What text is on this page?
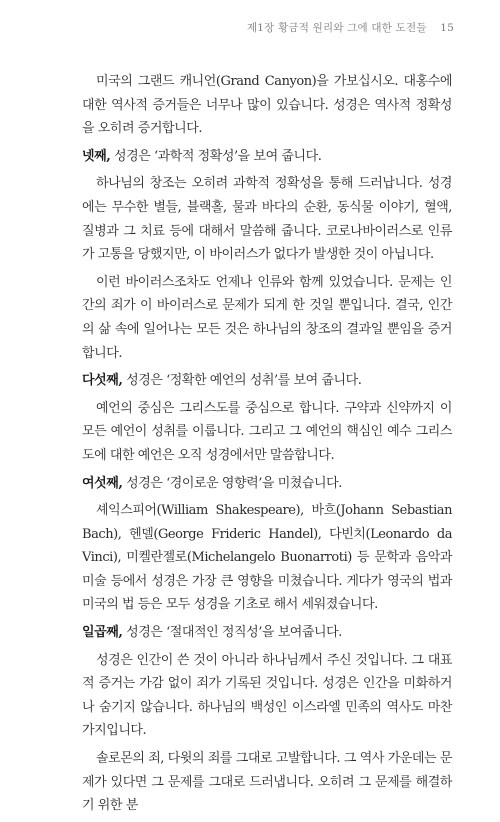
제1장 황금적 원리와 그에 대한 도전들 15

미국의 그랜드 캐니언(Grand Canyon)을 가보십시오. 대홍수에 대한 역사적 증거들은 너무나 많이 있습니다. 성경은 역사적 정확성을 오히려 증거합니다.

넷째, 성경은 ‘과학적 정확성’을 보여 줍니다.

하나님의 창조는 오히려 과학적 정확성을 통해 드러납니다. 성경에는 무수한 별들, 블랙홀, 물과 바다의 순환, 동식물 이야기, 혈액, 질병과 그 치료 등에 대해서 말씀해 줍니다. 코로나바이러스로 인류가 고통을 당했지만, 이 바이러스가 없다가 발생한 것이 아닙니다.

이런 바이러스조차도 언제나 인류와 함께 있었습니다. 문제는 인간의 죄가 이 바이러스로 문제가 되게 한 것일 뿐입니다. 결국, 인간의 삶 속에 일어나는 모든 것은 하나님의 창조의 결과일 뿐임을 증거합니다.

다섯째, 성경은 ‘정확한 예언의 성취’를 보여 줍니다.

예언의 중심은 그리스도를 중심으로 합니다. 구약과 신약까지 이 모든 예언이 성취를 이룹니다. 그리고 그 예언의 핵심인 예수 그리스도에 대한 예언은 오직 성경에서만 말씀합니다.

여섯째, 성경은 ‘경이로운 영향력’을 미쳤습니다.

셰익스피어(William Shakespeare), 바흐(Johann Sebastian Bach), 헨델(George Frideric Handel), 다빈치(Leonardo da Vinci), 미켈란젤로(Michelangelo Buonarroti) 등 문학과 음악과 미술 등에서 성경은 가장 큰 영향을 미쳤습니다. 게다가 영국의 법과 미국의 법 등은 모두 성경을 기초로 해서 세워졌습니다.

일곱째, 성경은 ‘절대적인 정직성’을 보여줍니다.

성경은 인간이 쓴 것이 아니라 하나님께서 주신 것입니다. 그 대표적 증거는 가감 없이 죄가 기록된 것입니다. 성경은 인간을 미화하거나 숨기지 않습니다. 하나님의 백성인 이스라엘 민족의 역사도 마찬가지입니다.

솔로몬의 죄, 다윗의 죄를 그대로 고발합니다. 그 역사 가운데는 문제가 있다면 그 문제를 그대로 드러냅니다. 오히려 그 문제를 해결하기 위한 분
